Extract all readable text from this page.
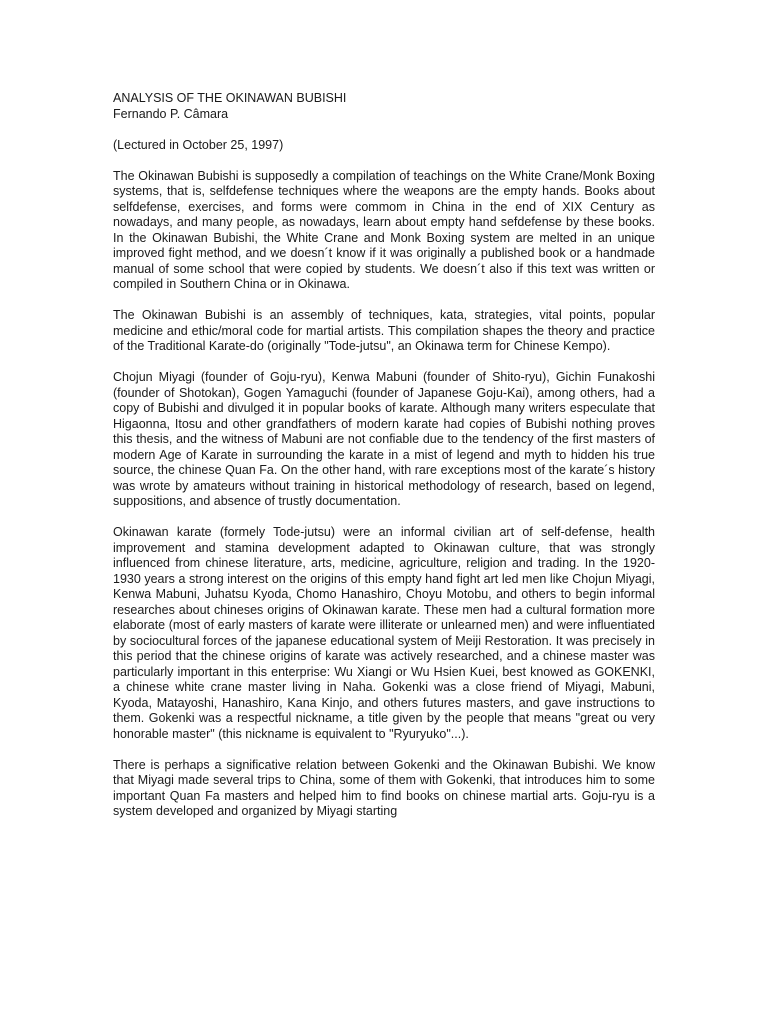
ANALYSIS OF THE OKINAWAN BUBISHI
Fernando P. Câmara
(Lectured in October 25, 1997)

The Okinawan Bubishi is supposedly a compilation of teachings on the White Crane/Monk Boxing systems, that is, selfdefense techniques where the weapons are the empty hands. Books about selfdefense, exercises, and forms were commom in China in the end of XIX Century as nowadays, and many people, as nowadays, learn about empty hand sefdefense by these books. In the Okinawan Bubishi, the White Crane and Monk Boxing system are melted in an unique improved fight method, and we doesn´t know if it was originally a published book or a handmade manual of some school that were copied by students. We doesn´t also if this text was written or compiled in Southern China or in Okinawa.

The Okinawan Bubishi is an assembly of techniques, kata, strategies, vital points, popular medicine and ethic/moral code for martial artists. This compilation shapes the theory and practice of the Traditional Karate-do (originally "Tode-jutsu", an Okinawa term for Chinese Kempo).

Chojun Miyagi (founder of Goju-ryu), Kenwa Mabuni (founder of Shito-ryu), Gichin Funakoshi (founder of Shotokan), Gogen Yamaguchi (founder of Japanese Goju-Kai), among others, had a copy of Bubishi and divulged it in popular books of karate. Although many writers especulate that Higaonna, Itosu and other grandfathers of modern karate had copies of Bubishi nothing proves this thesis, and the witness of Mabuni are not confiable due to the tendency of the first masters of modern Age of Karate in surrounding the karate in a mist of legend and myth to hidden his true source, the chinese Quan Fa. On the other hand, with rare exceptions most of the karate´s history was wrote by amateurs without training in historical methodology of research, based on legend, suppositions, and absence of trustly documentation.

Okinawan karate (formely Tode-jutsu) were an informal civilian art of self-defense, health improvement and stamina development adapted to Okinawan culture, that was strongly influenced from chinese literature, arts, medicine, agriculture, religion and trading. In the 1920-1930 years a strong interest on the origins of this empty hand fight art led men like Chojun Miyagi, Kenwa Mabuni, Juhatsu Kyoda, Chomo Hanashiro, Choyu Motobu, and others to begin informal researches about chineses origins of Okinawan karate. These men had a cultural formation more elaborate (most of early masters of karate were illiterate or unlearned men) and were influentiated by sociocultural forces of the japanese educational system of Meiji Restoration. It was precisely in this period that the chinese origins of karate was actively researched, and a chinese master was particularly important in this enterprise: Wu Xiangi or Wu Hsien Kuei, best knowed as GOKENKI, a chinese white crane master living in Naha. Gokenki was a close friend of Miyagi, Mabuni, Kyoda, Matayoshi, Hanashiro, Kana Kinjo, and others futures masters, and gave instructions to them. Gokenki was a respectful nickname, a title given by the people that means "great ou very honorable master" (this nickname is equivalent to "Ryuryuko"...).

There is perhaps a significative relation between Gokenki and the Okinawan Bubishi. We know that Miyagi made several trips to China, some of them with Gokenki, that introduces him to some important Quan Fa masters and helped him to find books on chinese martial arts. Goju-ryu is a system developed and organized by Miyagi starting
